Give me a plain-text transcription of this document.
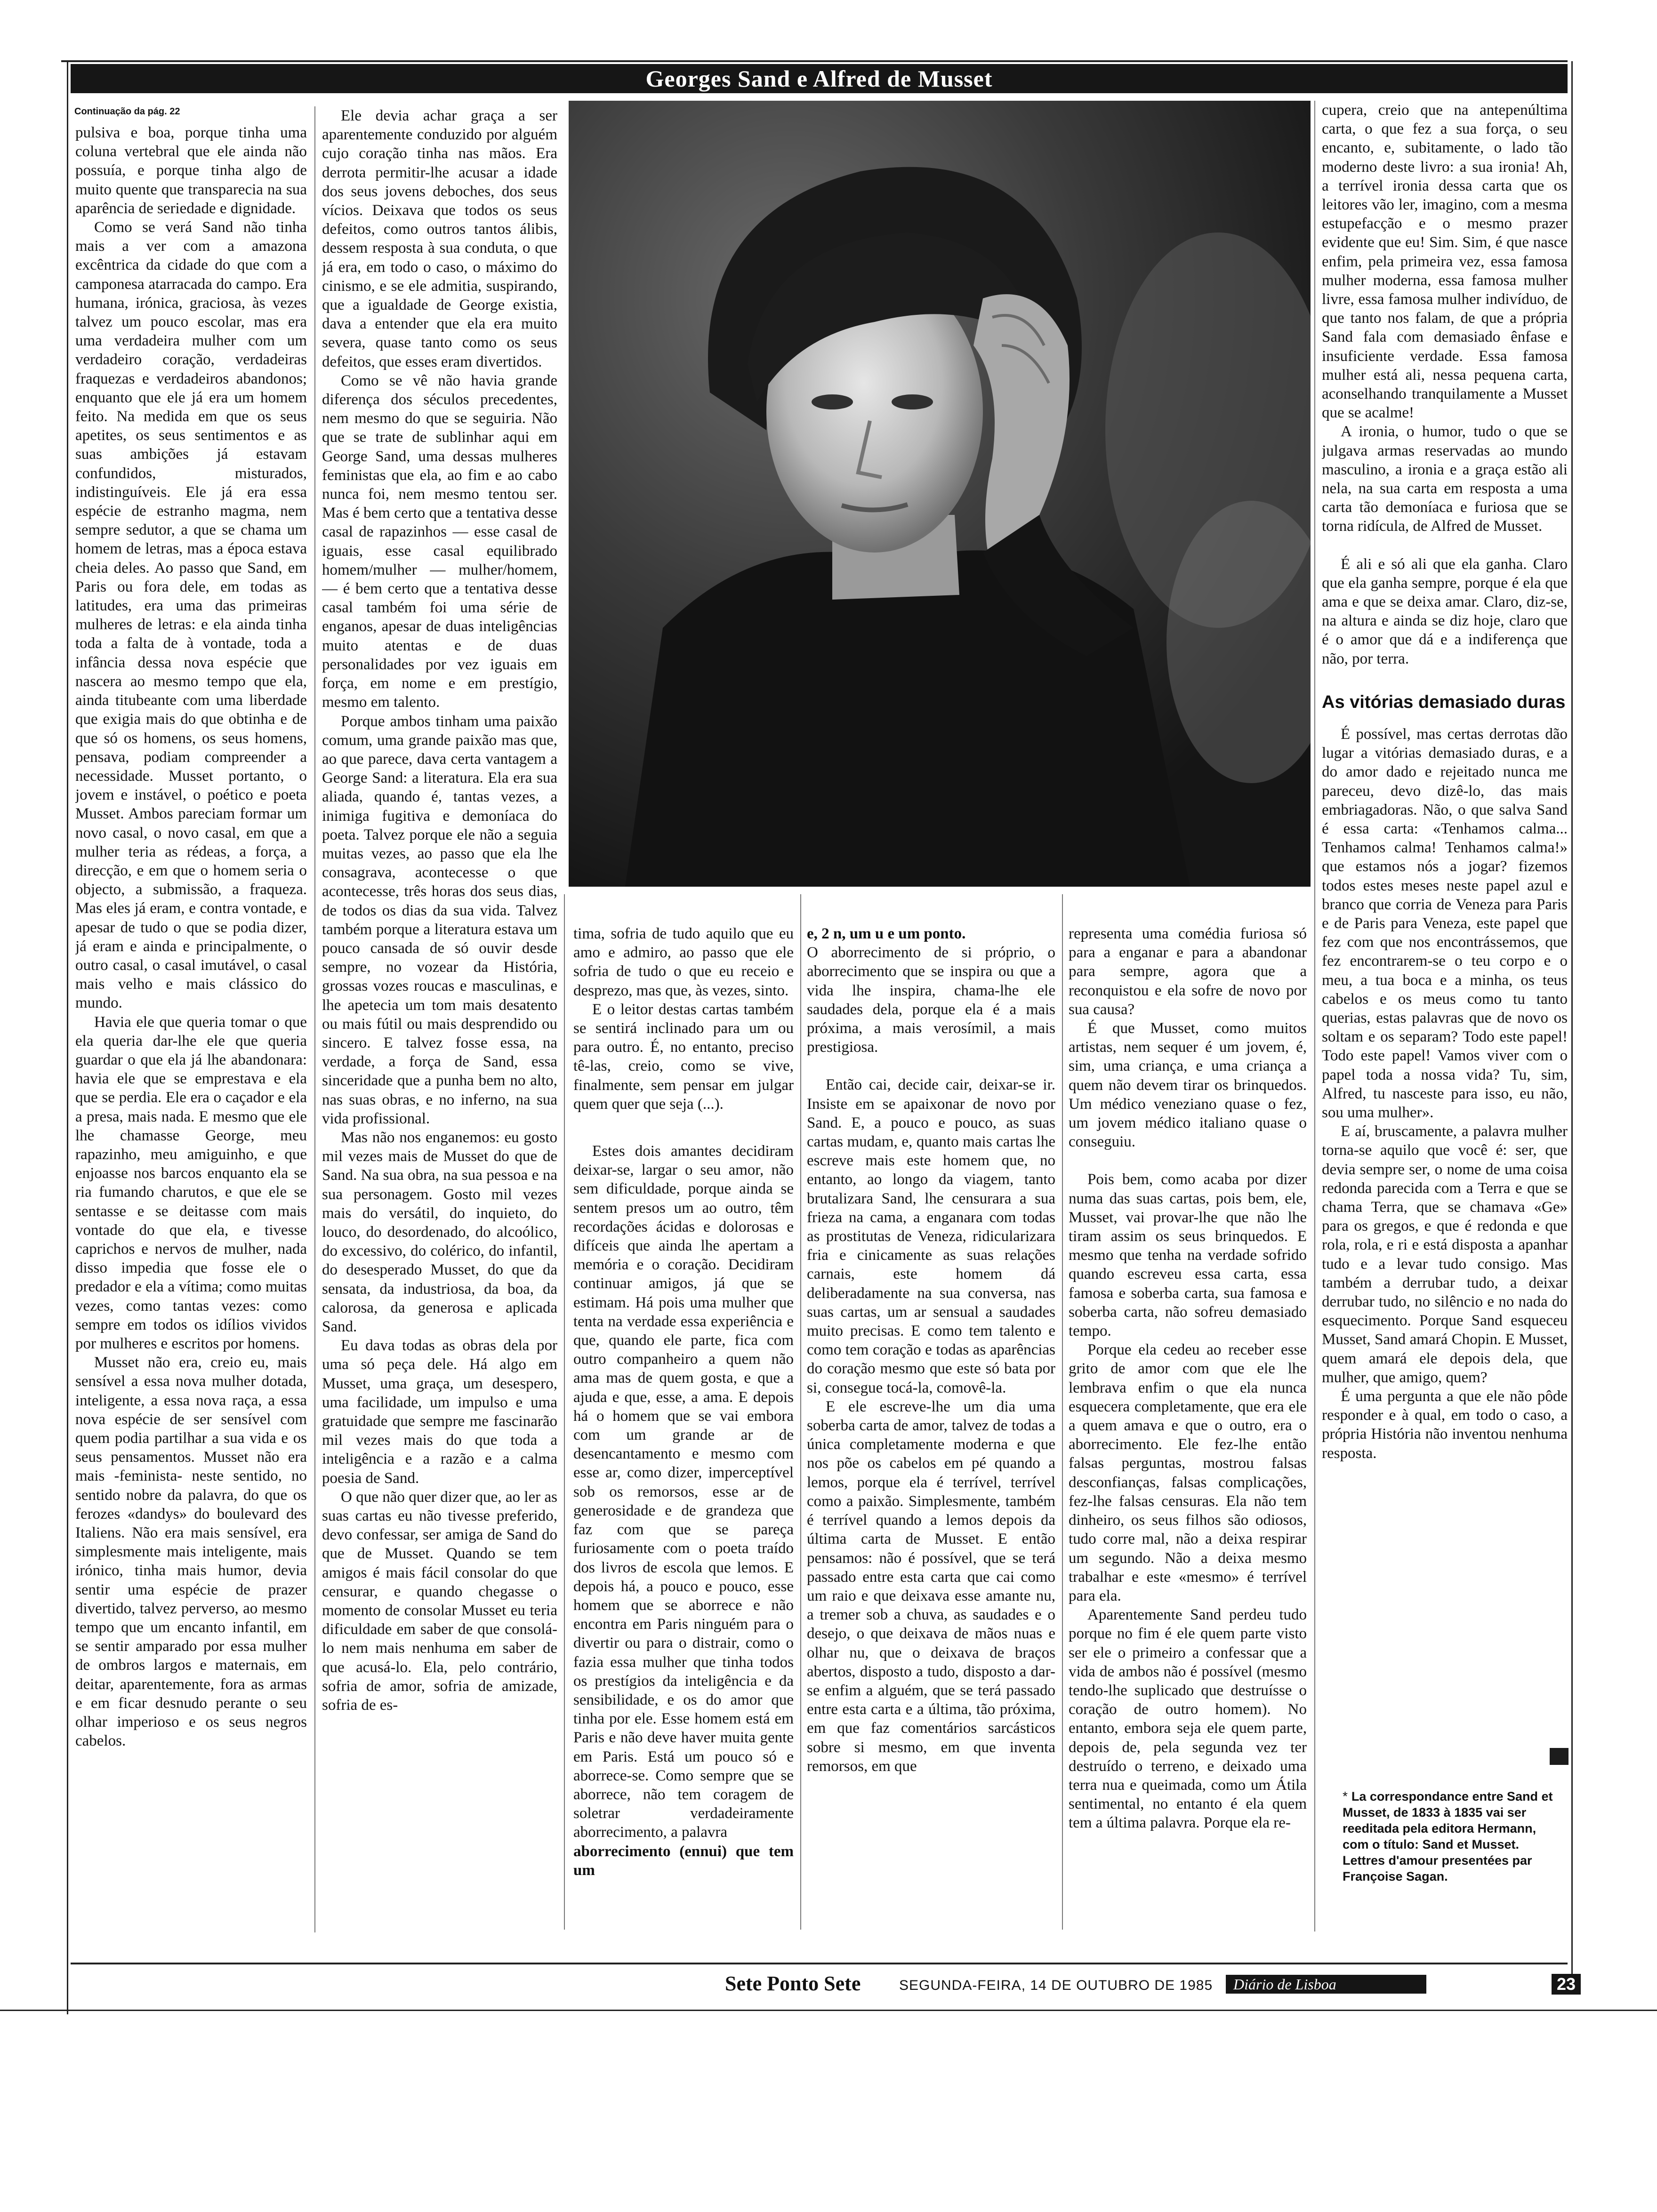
Georges Sand e Alfred de Musset
Continuação da pág. 22

pulsiva e boa, porque tinha uma coluna vertebral que ele ainda não possuía, e porque tinha algo de muito quente que transparecia na sua aparência de seriedade e dignidade.

Como se verá Sand não tinha mais a ver com a amazona excêntrica da cidade do que com a camponesa atarracada do campo. Era humana, irónica, graciosa, às vezes talvez um pouco escolar, mas era uma verdadeira mulher com um verdadeiro coração, verdadeiras fraquezas e verdadeiros abandonos; enquanto que ele já era um homem feito. Na medida em que os seus apetites, os seus sentimentos e as suas ambições já estavam confundidos, misturados, indistinguíveis. Ele já era essa espécie de estranho magma, nem sempre sedutor, a que se chama um homem de letras, mas a época estava cheia deles. Ao passo que Sand, em Paris ou fora dele, em todas as latitudes, era uma das primeiras mulheres de letras: e ela ainda tinha toda a falta de à vontade, toda a infância dessa nova espécie que nascera ao mesmo tempo que ela, ainda titubeante com uma liberdade que exigia mais do que obtinha e de que só os homens, os seus homens, pensava, podiam compreender a necessidade. Musset portanto, o jovem e instável, o poético e poeta Musset. Ambos pareciam formar um novo casal, o novo casal, em que a mulher teria as rédeas, a força, a direcção, e em que o homem seria o objecto, a submissão, a fraqueza. Mas eles já eram, e contra vontade, e apesar de tudo o que se podia dizer, já eram e ainda e principalmente, o outro casal, o casal imutável, o casal mais velho e mais clássico do mundo.

Havia ele que queria tomar o que ela queria dar-lhe ele que queria guardar o que ela já lhe abandonara: havia ele que se emprestava e ela que se perdia. Ele era o caçador e ela a presa, mais nada. E mesmo que ele lhe chamasse George, meu rapazinho, meu amiguinho, e que enjoasse nos barcos enquanto ela se ria fumando charutos, e que ele se sentasse e se deitasse com mais vontade do que ela, e tivesse caprichos e nervos de mulher, nada disso impedia que fosse ele o predador e ela a vítima; como muitas vezes, como tantas vezes: como sempre em todos os idílios vividos por mulheres e escritos por homens.

Musset não era, creio eu, mais sensível a essa nova mulher dotada, inteligente, a essa nova raça, a essa nova espécie de ser sensível com quem podia partilhar a sua vida e os seus pensamentos. Musset não era mais -feminista- neste sentido, no sentido nobre da palavra, do que os ferozes «dandys» do boulevard des Italiens. Não era mais sensível, era simplesmente mais inteligente, mais irónico, tinha mais humor, devia sentir uma espécie de prazer divertido, talvez perverso, ao mesmo tempo que um encanto infantil, em se sentir amparado por essa mulher de ombros largos e maternais, em deitar, aparentemente, fora as armas e em ficar desnudo perante o seu olhar imperioso e os seus negros cabelos.

Ele devia achar graça a ser aparentemente conduzido por alguém cujo coração tinha nas mãos. Era derrota permitir-lhe acusar a idade dos seus jovens deboches, dos seus vícios. Deixava que todos os seus defeitos, como outros tantos álibis, dessem resposta à sua conduta, o que já era, em todo o caso, o máximo do cinismo, e se ele admitia, suspirando, que a igualdade de George existia, dava a entender que ela era muito severa, quase tanto como os seus defeitos, que esses eram divertidos.

Como se vê não havia grande diferença dos séculos precedentes, nem mesmo do que se seguiria. Não que se trate de sublinhar aqui em George Sand, uma dessas mulheres feministas que ela, ao fim e ao cabo nunca foi, nem mesmo tentou ser. Mas é bem certo que a tentativa desse casal de rapazinhos — esse casal de iguais, esse casal equilibrado homem/mulher — mulher/homem, — é bem certo que a tentativa desse casal também foi uma série de enganos, apesar de duas inteligências muito atentas e de duas personalidades por vez iguais em força, em nome e em prestígio, mesmo em talento.

Porque ambos tinham uma paixão comum, uma grande paixão mas que, ao que parece, dava certa vantagem a George Sand: a literatura. Ela era sua aliada, quando é, tantas vezes, a inimiga fugitiva e demoníaca do poeta. Talvez porque ele não a seguia muitas vezes, ao passo que ela lhe consagrava, acontecesse o que acontecesse, três horas dos seus dias, de todos os dias da sua vida. Talvez também porque a literatura estava um pouco cansada de só ouvir desde sempre, no vozear da História, grossas vozes roucas e masculinas, e lhe apetecia um tom mais desatento ou mais fútil ou mais desprendido ou sincero. E talvez fosse essa, na verdade, a força de Sand, essa sinceridade que a punha bem no alto, nas suas obras, e no inferno, na sua vida profissional.

Mas não nos enganemos: eu gosto mil vezes mais de Musset do que de Sand. Na sua obra, na sua pessoa e na sua personagem. Gosto mil vezes mais do versátil, do inquieto, do louco, do desordenado, do alcoólico, do excessivo, do colérico, do infantil, do desesperado Musset, do que da sensata, da industriosa, da boa, da calorosa, da generosa e aplicada Sand.

Eu dava todas as obras dela por uma só peça dele. Há algo em Musset, uma graça, um desespero, uma facilidade, um impulso e uma gratuidade que sempre me fascinarão mil vezes mais do que toda a inteligência e a razão e a calma poesia de Sand.

O que não quer dizer que, ao ler as suas cartas eu não tivesse preferido, devo confessar, ser amiga de Sand do que de Musset. Quando se tem amigos é mais fácil consolar do que censurar, e quando chegasse o momento de consolar Musset eu teria dificuldade em saber de que consolá-lo nem mais nenhuma em saber de que acusá-lo. Ela, pelo contrário, sofria de amor, sofria de amizade, sofria de es-

tima, sofria de tudo aquilo que eu amo e admiro, ao passo que ele sofria de tudo o que eu receio e desprezo, mas que, às vezes, sinto.

E o leitor destas cartas também se sentirá inclinado para um ou para outro. É, no entanto, preciso tê-las, creio, como se vive, finalmente, sem pensar em julgar quem quer que seja (...).

Estes dois amantes decidiram deixar-se, largar o seu amor, não sem dificuldade, porque ainda se sentem presos um ao outro, têm recordações ácidas e dolorosas e difíceis que ainda lhe apertam a memória e o coração. Decidiram continuar amigos, já que se estimam. Há pois uma mulher que tenta na verdade essa experiência e que, quando ele parte, fica com outro companheiro a quem não ama mas de quem gosta, e que a ajuda e que, esse, a ama. E depois há o homem que se vai embora com um grande ar de desencantamento e mesmo com esse ar, como dizer, imperceptível sob os remorsos, esse ar de generosidade e de grandeza que faz com que se pareça furiosamente com o poeta traído dos livros de escola que lemos. E depois há, a pouco e pouco, esse homem que se aborrece e não encontra em Paris ninguém para o divertir ou para o distrair, como o fazia essa mulher que tinha todos os prestígios da inteligência e da sensibilidade, e os do amor que tinha por ele. Esse homem está em Paris e não deve haver muita gente em Paris. Está um pouco só e aborrece-se. Como sempre que se aborrece, não tem coragem de soletrar verdadeiramente aborrecimento, a palavra

aborrecimento (ennui) que tem um

e, 2 n, um u e um ponto.

O aborrecimento de si próprio, o aborrecimento que se inspira ou que a vida lhe inspira, chama-lhe ele saudades dela, porque ela é a mais próxima, a mais verosímil, a mais prestigiosa.

Então cai, decide cair, deixar-se ir. Insiste em se apaixonar de novo por Sand. E, a pouco e pouco, as suas cartas mudam, e, quanto mais cartas lhe escreve mais este homem que, no entanto, ao longo da viagem, tanto brutalizara Sand, lhe censurara a sua frieza na cama, a enganara com todas as prostitutas de Veneza, ridicularizara fria e cinicamente as suas relações carnais, este homem dá deliberadamente na sua conversa, nas suas cartas, um ar sensual a saudades muito precisas. E como tem talento e como tem coração e todas as aparências do coração mesmo que este só bata por si, consegue tocá-la, comovê-la.

E ele escreve-lhe um dia uma soberba carta de amor, talvez de todas a única completamente moderna e que nos põe os cabelos em pé quando a lemos, porque ela é terrível, terrível como a paixão. Simplesmente, também é terrível quando a lemos depois da última carta de Musset. E então pensamos: não é possível, que se terá passado entre esta carta que cai como um raio e que deixava esse amante nu, a tremer sob a chuva, as saudades e o desejo, o que deixava de mãos nuas e olhar nu, que o deixava de braços abertos, disposto a tudo, disposto a dar-se enfim a alguém, que se terá passado entre esta carta e a última, tão próxima, em que faz comentários sarcásticos sobre si mesmo, em que inventa remorsos, em que

representa uma comédia furiosa só para a enganar e para a abandonar para sempre, agora que a reconquistou e ela sofre de novo por sua causa?

É que Musset, como muitos artistas, nem sequer é um jovem, é, sim, uma criança, e uma criança a quem não devem tirar os brinquedos. Um médico veneziano quase o fez, um jovem médico italiano quase o conseguiu.

Pois bem, como acaba por dizer numa das suas cartas, pois bem, ele, Musset, vai provar-lhe que não lhe tiram assim os seus brinquedos. E mesmo que tenha na verdade sofrido quando escreveu essa carta, essa famosa e soberba carta, sua famosa e soberba carta, não sofreu demasiado tempo.

Porque ela cedeu ao receber esse grito de amor com que ele lhe lembrava enfim o que ela nunca esquecera completamente, que era ele a quem amava e que o outro, era o aborrecimento. Ele fez-lhe então falsas perguntas, mostrou falsas desconfianças, falsas complicações, fez-lhe falsas censuras. Ela não tem dinheiro, os seus filhos são odiosos, tudo corre mal, não a deixa respirar um segundo. Não a deixa mesmo trabalhar e este «mesmo» é terrível para ela.

Aparentemente Sand perdeu tudo porque no fim é ele quem parte visto ser ele o primeiro a confessar que a vida de ambos não é possível (mesmo tendo-lhe suplicado que destruísse o coração de outro homem). No entanto, embora seja ele quem parte, depois de, pela segunda vez ter destruído o terreno, e deixado uma terra nua e queimada, como um Átila sentimental, no entanto é ela quem tem a última palavra. Porque ela re-

cupera, creio que na antepenúltima carta, o que fez a sua força, o seu encanto, e, subitamente, o lado tão moderno deste livro: a sua ironia! Ah, a terrível ironia dessa carta que os leitores vão ler, imagino, com a mesma estupefacção e o mesmo prazer evidente que eu! Sim. Sim, é que nasce enfim, pela primeira vez, essa famosa mulher moderna, essa famosa mulher livre, essa famosa mulher indivíduo, de que tanto nos falam, de que a própria Sand fala com demasiado ênfase e insuficiente verdade. Essa famosa mulher está ali, nessa pequena carta, aconselhando tranquilamente a Musset que se acalme!

A ironia, o humor, tudo o que se julgava armas reservadas ao mundo masculino, a ironia e a graça estão ali nela, na sua carta em resposta a uma carta tão demoníaca e furiosa que se torna ridícula, de Alfred de Musset.

É ali e só ali que ela ganha. Claro que ela ganha sempre, porque é ela que ama e que se deixa amar. Claro, diz-se, na altura e ainda se diz hoje, claro que é o amor que dá e a indiferença que não, por terra.

As vitórias demasiado duras

É possível, mas certas derrotas dão lugar a vitórias demasiado duras, e a do amor dado e rejeitado nunca me pareceu, devo dizê-lo, das mais embriagadoras. Não, o que salva Sand é essa carta: «Tenhamos calma... Tenhamos calma! Tenhamos calma!» que estamos nós a jogar? fizemos todos estes meses neste papel azul e branco que corria de Veneza para Paris e de Paris para Veneza, este papel que fez com que nos encontrássemos, que fez encontrarem-se o teu corpo e o meu, a tua boca e a minha, os teus cabelos e os meus como tu tanto querias, estas palavras que de novo os soltam e os separam? Todo este papel! Todo este papel! Vamos viver com o papel toda a nossa vida? Tu, sim, Alfred, tu nasceste para isso, eu não, sou uma mulher».

E aí, bruscamente, a palavra mulher torna-se aquilo que você é: ser, que devia sempre ser, o nome de uma coisa redonda parecida com a Terra e que se chama Terra, que se chamava «Ge» para os gregos, e que é redonda e que rola, rola, e ri e está disposta a apanhar tudo e a levar tudo consigo. Mas também a derrubar tudo, a deixar derrubar tudo, no silêncio e no nada do esquecimento. Porque Sand esqueceu Musset, Sand amará Chopin. E Musset, quem amará ele depois dela, que mulher, que amigo, quem?

É uma pergunta a que ele não pôde responder e à qual, em todo o caso, a própria História não inventou nenhuma resposta.

* La correspondance entre Sand et Musset, de 1833 à 1835 vai ser reeditada pela editora Hermann, com o título: Sand et Musset. Lettres d'amour presentées par Françoise Sagan.
Sete Ponto Sete	SEGUNDA-FEIRA, 14 DE OUTUBRO DE 1985	Diário de Lisboa	23
